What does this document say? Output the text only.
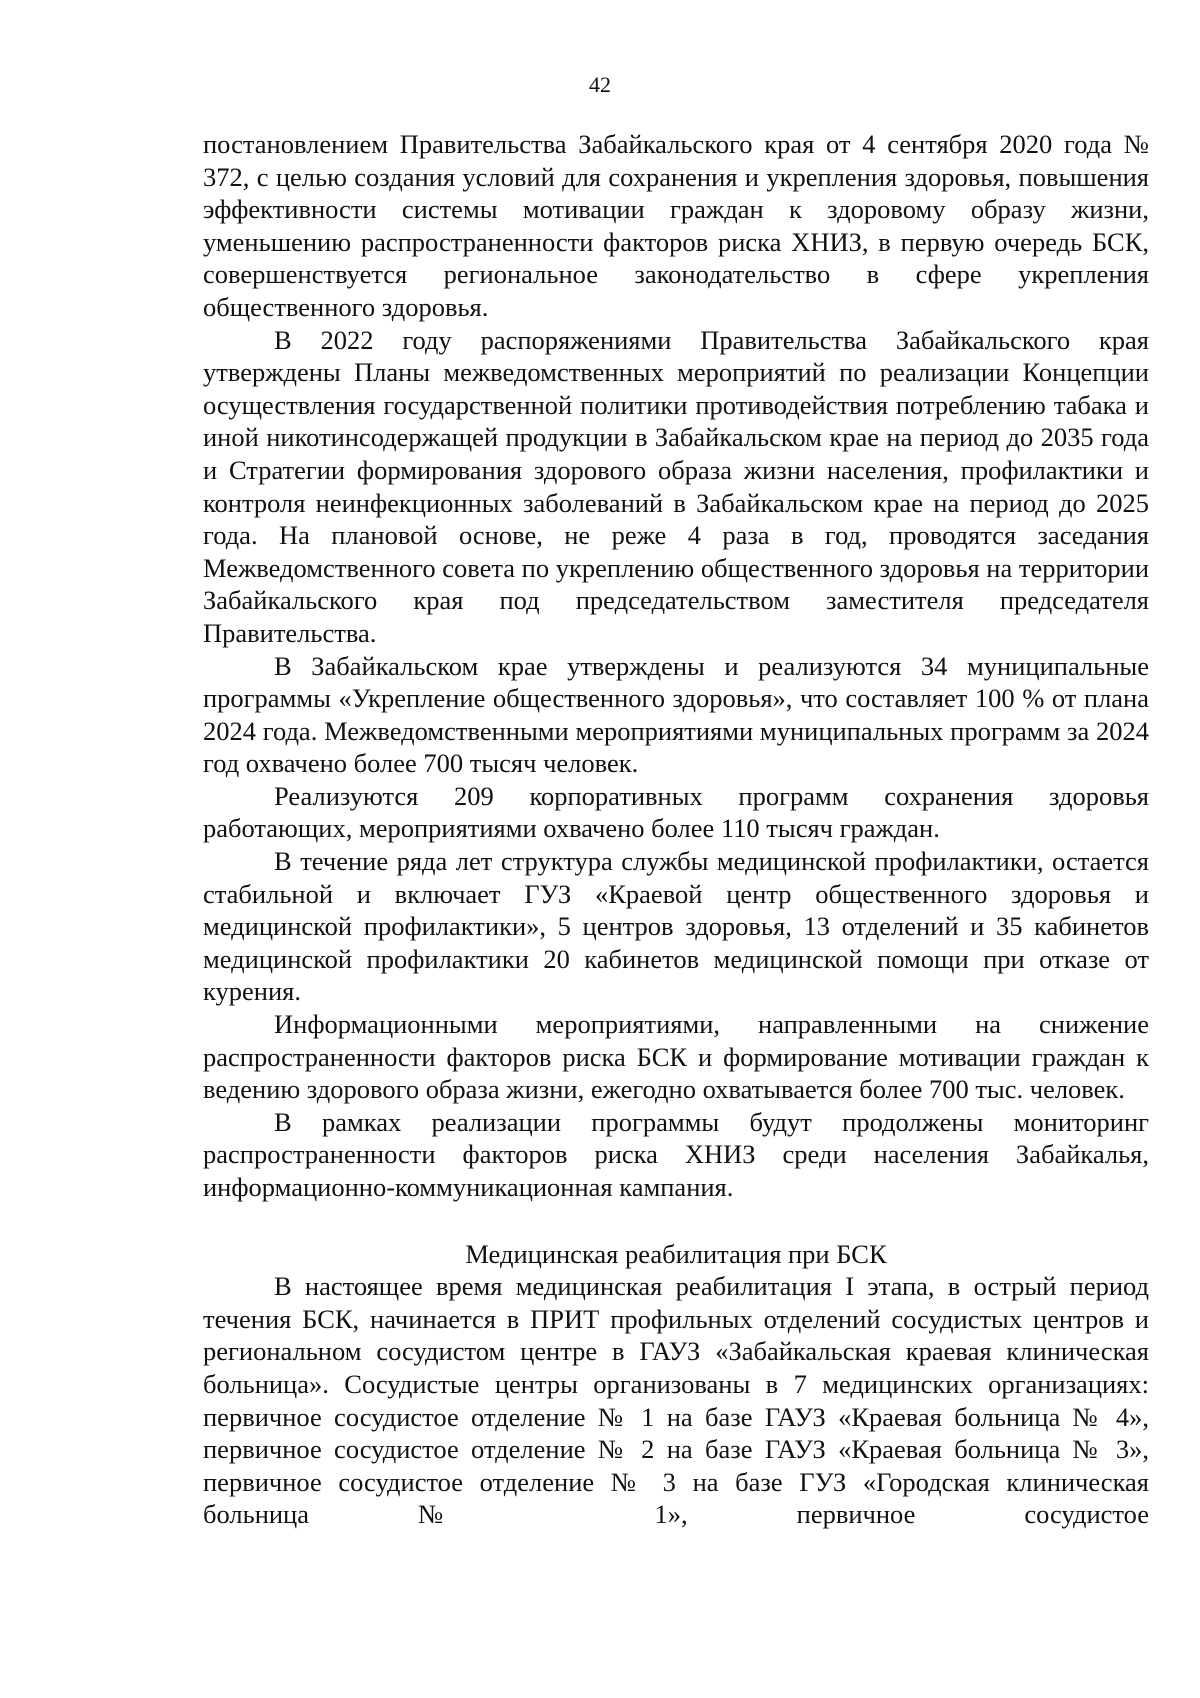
42

постановлением Правительства Забайкальского края от 4 сентября 2020 года № 372, с целью создания условий для сохранения и укрепления здоровья, повышения эффективности системы мотивации граждан к здоровому образу жизни, уменьшению распространенности факторов риска ХНИЗ, в первую очередь БСК, совершенствуется региональное законодательство в сфере укрепления общественного здоровья.

В 2022 году распоряжениями Правительства Забайкальского края утверждены Планы межведомственных мероприятий по реализации Концепции осуществления государственной политики противодействия потреблению табака и иной никотинсодержащей продукции в Забайкальском крае на период до 2035 года и Стратегии формирования здорового образа жизни населения, профилактики и контроля неинфекционных заболеваний в Забайкальском крае на период до 2025 года. На плановой основе, не реже 4 раза в год, проводятся заседания Межведомственного совета по укреплению общественного здоровья на территории Забайкальского края под председательством заместителя председателя Правительства.

В Забайкальском крае утверждены и реализуются 34 муниципальные программы «Укрепление общественного здоровья», что составляет 100 % от плана 2024 года. Межведомственными мероприятиями муниципальных программ за 2024 год охвачено более 700 тысяч человек.

Реализуются 209 корпоративных программ сохранения здоровья работающих, мероприятиями охвачено более 110 тысяч граждан.

В течение ряда лет структура службы медицинской профилактики, остается стабильной и включает ГУЗ «Краевой центр общественного здоровья и медицинской профилактики», 5 центров здоровья, 13 отделений и 35 кабинетов медицинской профилактики 20 кабинетов медицинской помощи при отказе от курения.

Информационными мероприятиями, направленными на снижение распространенности факторов риска БСК и формирование мотивации граждан к ведению здорового образа жизни, ежегодно охватывается более 700 тыс. человек.

В рамках реализации программы будут продолжены мониторинг распространенности факторов риска ХНИЗ среди населения Забайкалья, информационно-коммуникационная кампания.

Медицинская реабилитация при БСК

В настоящее время медицинская реабилитация I этапа, в острый период течения БСК, начинается в ПРИТ профильных отделений сосудистых центров и региональном сосудистом центре в ГАУЗ «Забайкальская краевая клиническая больница». Сосудистые центры организованы в 7 медицинских организациях: первичное сосудистое отделение № 1 на базе ГАУЗ «Краевая больница № 4», первичное сосудистое отделение № 2 на базе ГАУЗ «Краевая больница № 3», первичное сосудистое отделение № 3 на базе ГУЗ «Городская клиническая больница № 1», первичное сосудистое
